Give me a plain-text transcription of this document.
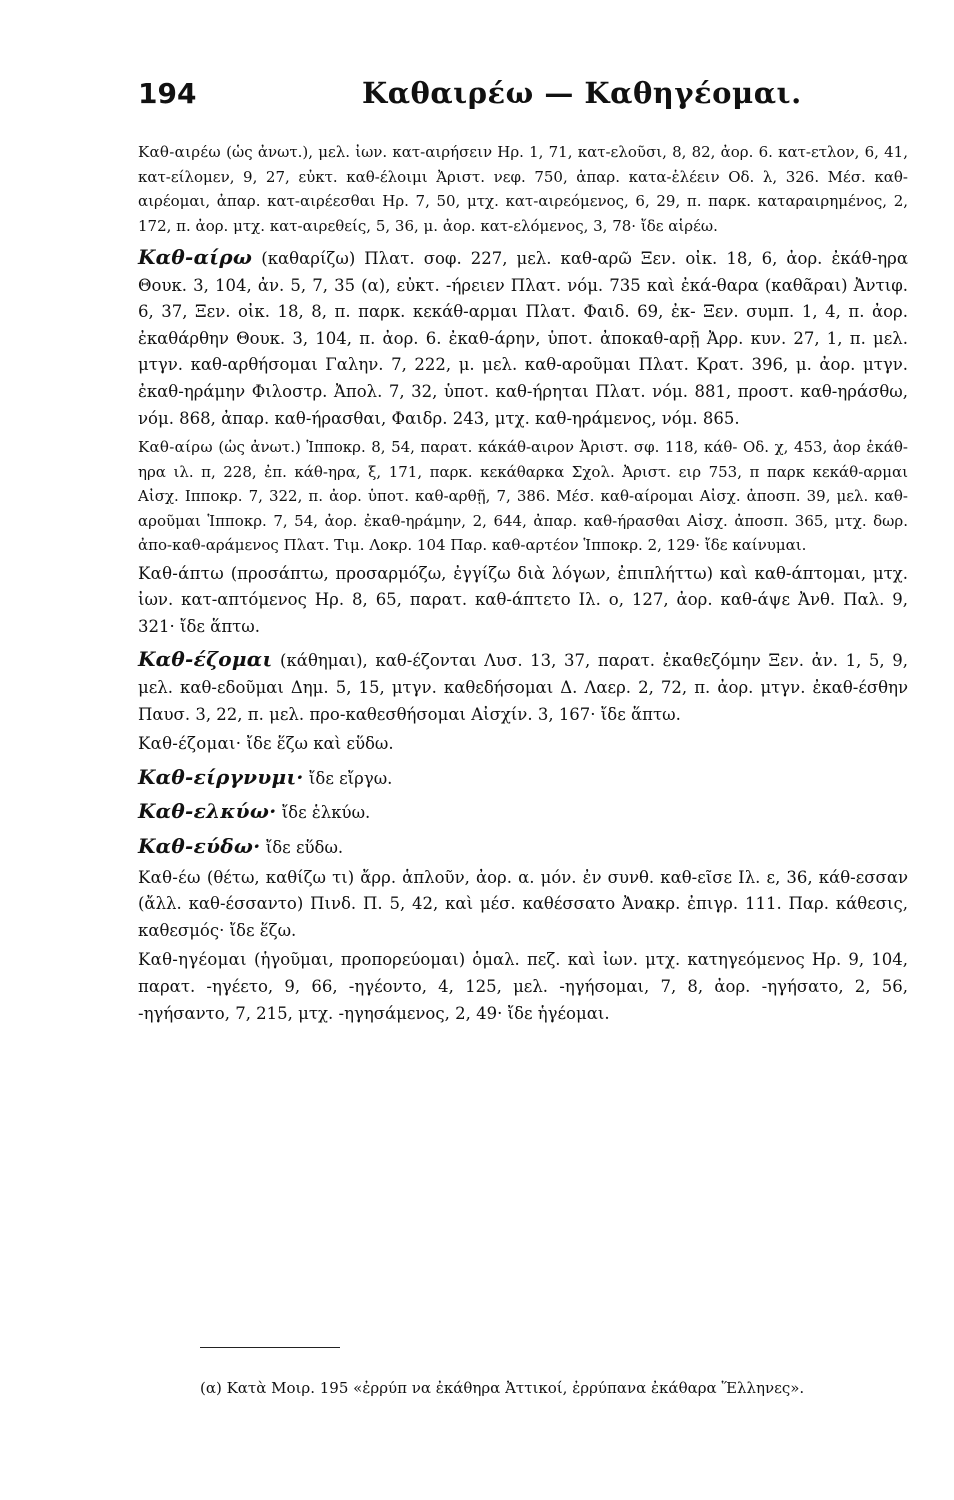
194	Καθαιρέω — Καθηγέομαι.

Καθ-αιρέω (ὡς ἀνωτ.), μελ. ἰων. κατ-αιρήσειν Ηρ. 1, 71, κατ-ελοῦσι, 8, 82, ἀορ. 6. κατ-ετλον, 6, 41, κατ-είλομεν, 9, 27, εὐκτ. καθ-έλοιμι Ἀριστ. νεφ. 750, ἀπαρ. κατα-ἑλέειν Οδ. λ, 326. Μέσ. καθ-αιρέομαι, ἀπαρ. κατ-αιρέεσθαι Ηρ. 7, 50, μτχ. κατ-αιρεόμενος, 6, 29, π. παρκ. καταραιρημένος, 2, 172, π. ἀορ. μτχ. κατ-αιρεθείς, 5, 36, μ. ἀορ. κατ-ελόμενος, 3, 78· ἴδε αἱρέω.

Καθ-αίρω (καθαρίζω) Πλατ. σοφ. 227, μελ. καθ-αρῶ Ξεν. οἰκ. 18, 6, ἀορ. ἐκάθ-ηρα Θουκ. 3, 104, ἀν. 5, 7, 35 (α), εὐκτ. -ήρειεν Πλατ. νόμ. 735 καὶ ἐκά-θαρα (καθᾶραι) Ἀντιφ. 6, 37, Ξεν. οἰκ. 18, 8, π. παρκ. κεκάθ-αρμαι Πλατ. Φαιδ. 69, ἐκ- Ξεν. συμπ. 1, 4, π. ἀορ. ἐκαθάρθην Θουκ. 3, 104, π. ἀορ. 6. ἐκαθ-άρην, ὑποτ. ἀποκαθ-αρῇ Ἀρρ. κυν. 27, 1, π. μελ. μτγν. καθ-αρθήσομαι Γαλην. 7, 222, μ. μελ. καθ-αροῦμαι Πλατ. Κρατ. 396, μ. ἀορ. μτγν. ἐκαθ-ηράμην Φιλοστρ. Ἀπολ. 7, 32, ὑποτ. καθ-ήρηται Πλατ. νόμ. 881, προστ. καθ-ηράσθω, νόμ. 868, ἀπαρ. καθ-ήρασθαι, Φαιδρ. 243, μτχ. καθ-ηράμενος, νόμ. 865.

Καθ-αίρω (ὡς ἀνωτ.) Ἱπποκρ. 8, 54, παρατ. κάκάθ-αιρον Ἀριστ. σφ. 118, κάθ- Οδ. χ, 453, ἀορ ἐκάθ-ηρα ιλ. π, 228, ἐπ. κάθ-ηρα, ξ, 171, παρκ. κεκάθαρκα Σχολ. Ἀριστ. ειρ 753, π παρκ κεκάθ-αρμαι Αἰσχ. Ιπποκρ. 7, 322, π. ἀορ. ὑποτ. καθ-αρθῇ, 7, 386. Μέσ. καθ-αίρομαι Αἰσχ. ἀποσπ. 39, μελ. καθ-αροῦμαι Ἱπποκρ. 7, 54, ἀορ. ἐκαθ-ηράμην, 2, 644, ἀπαρ. καθ-ήρασθαι Αἰσχ. ἀποσπ. 365, μτχ. δωρ. ἀπο-καθ-αράμενος Πλατ. Τιμ. Λοκρ. 104 Παρ. καθ-αρτέον Ἱπποκρ. 2, 129· ἴδε καίνυμαι.

Καθ-άπτω (προσάπτω, προσαρμόζω, ἐγγίζω διὰ λόγων, ἐπιπλήττω) καὶ καθ-άπτομαι, μτχ. ἰων. κατ-απτόμενος Ηρ. 8, 65, παρατ. καθ-άπτετο Ιλ. ο, 127, ἀορ. καθ-άψε Ἀνθ. Παλ. 9, 321· ἴδε ἅπτω.

Καθ-έζομαι (κάθημαι), καθ-έζονται Λυσ. 13, 37, παρατ. ἐκαθεζόμην Ξεν. ἀν. 1, 5, 9, μελ. καθ-εδοῦμαι Δημ. 5, 15, μτγν. καθεδήσομαι Δ. Λαερ. 2, 72, π. ἀορ. μτγν. ἐκαθ-έσθην Παυσ. 3, 22, π. μελ. προ-καθεσθήσομαι Αἰσχίν. 3, 167· ἴδε ἅπτω.

Καθ-έζομαι· ἴδε ἕζω καὶ εὕδω.

Καθ-είργνυμι· ἴδε εἴργω.

Καθ-ελκύω· ἴδε ἑλκύω.

Καθ-εύδω· ἴδε εὕδω.

Καθ-έω (θέτω, καθίζω τι) ἄρρ. ἁπλοῦν, ἀορ. α. μόν. ἐν συνθ. καθ-εῖσε Ιλ. ε, 36, κάθ-εσσαν (ἄλλ. καθ-έσσαντο) Πινδ. Π. 5, 42, καὶ μέσ. καθέσσατο Ἀνακρ. ἐπιγρ. 111. Παρ. κάθεσις, καθεσμός· ἴδε ἕζω.

Καθ-ηγέομαι (ἡγοῦμαι, προπορεύομαι) ὁμαλ. πεζ. καὶ ἰων. μτχ. κατηγεόμενος Ηρ. 9, 104, παρατ. -ηγέετο, 9, 66, -ηγέοντο, 4, 125, μελ. -ηγήσομαι, 7, 8, ἀορ. -ηγήσατο, 2, 56, -ηγήσαντο, 7, 215, μτχ. -ηγησάμενος, 2, 49· ἴδε ἡγέομαι.

(α) Κατὰ Μοιρ. 195 «ἐρρύπ να ἐκάθηρα Ἀττικοί, ἐρρύπανα ἐκάθαρα Ἕλληνες».
